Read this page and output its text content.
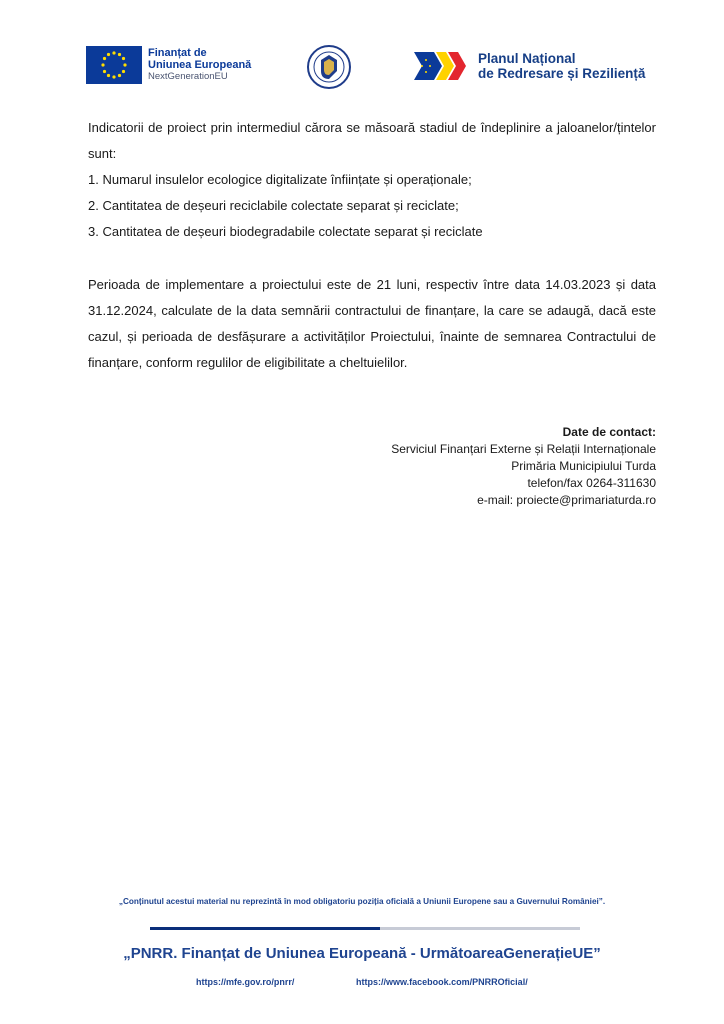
Finanțat de
Uniunea Europeană
NextGenerationEU
Planul Național
de Redresare și Reziliență
Indicatorii de proiect prin intermediul cărora se măsoară stadiul de îndeplinire a jaloanelor/țintelor sunt:
1. Numarul insulelor ecologice digitalizate înființate și operaționale;
2. Cantitatea de deșeuri reciclabile colectate separat și reciclate;
3. Cantitatea de deșeuri biodegradabile colectate separat și reciclate
Perioada de implementare a proiectului este de 21 luni, respectiv între data 14.03.2023 și data 31.12.2024, calculate de la data semnării contractului de finanțare, la care se adaugă, dacă este cazul, și perioada de desfășurare a activităților Proiectului, înainte de semnarea Contractului de finanțare, conform regulilor de eligibilitate a cheltuielilor.
Date de contact:
Serviciul Finanțari Externe și Relații Internaționale
Primăria Municipiului Turda
telefon/fax 0264-311630
e-mail: proiecte@primariaturda.ro
„Conținutul acestui material nu reprezintă în mod obligatoriu poziția oficială a Uniunii Europene sau a Guvernului României”.
„PNRR. Finanțat de Uniunea Europeană - UrmătoareaGenerațieUE”
https://mfe.gov.ro/pnrr/	https://www.facebook.com/PNRROficial/
